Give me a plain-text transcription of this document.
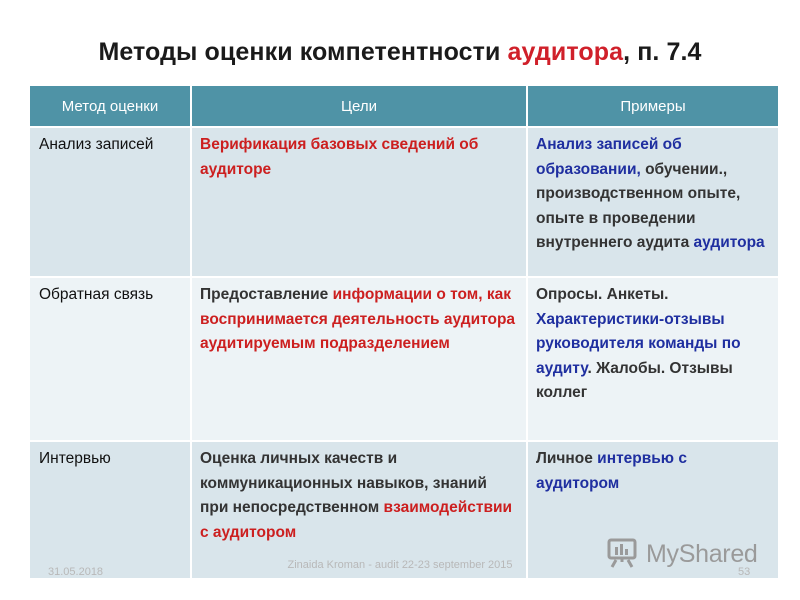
Методы оценки компетентности аудитора, п. 7.4
Метод оценки	Цели	Примеры
Анализ записей	Верификация базовых сведений об аудиторе	Анализ записей об образовании, обучении., производственном опыте, опыте в проведении внутреннего аудита аудитора
Обратная связь	Предоставление информации о том, как воспринимается деятельность аудитора аудитируемым подразделением	Опросы. Анкеты. Характеристики-отзывы руководителя команды по аудиту. Жалобы. Отзывы коллег
Интервью	Оценка личных качеств и коммуникационных навыков, знаний при непосредственном взаимодействии с аудитором	Личное интервью с аудитором
31.05.2018
Zinaida Kroman - audit 22-23 september 2015
53
MyShared
